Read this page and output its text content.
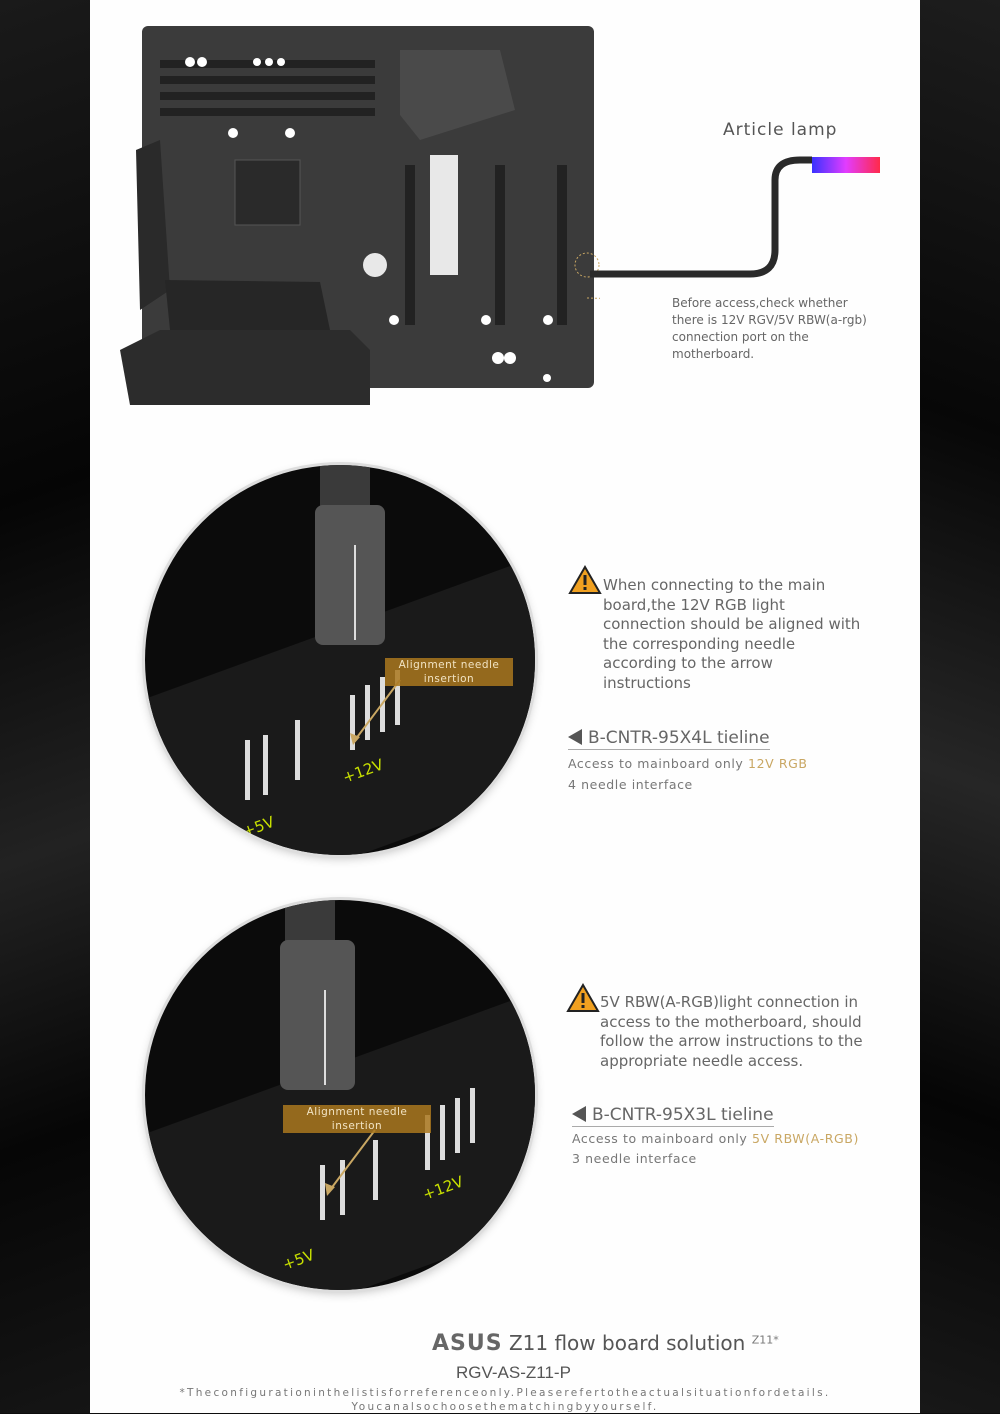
Article lamp
Before access,check whether there is 12V RGV/5V RBW(a-rgb) connection port on the motherboard.
+5V
+12V
Alignment needle insertion
When connecting to the main board,the 12V RGB light connection should be aligned with the corresponding needle according to the arrow instructions
B-CNTR-95X4L tieline
Access to mainboard only 12V RGB
4 needle interface
+5V
+12V
Alignment needle insertion
5V RBW(A-RGB)light connection in access to the motherboard, should follow the arrow instructions to the appropriate needle access.
B-CNTR-95X3L tieline
Access to mainboard only 5V RBW(A-RGB)
3 needle interface
ASUS Z11 flow board solution $^{Z11*}$
RGV-AS-Z11-P
*Theconfigurationinthelistisforreferenceonly.Pleaserefertotheactualsituationfordetails.
Youcanalsochoosethematchingbyyourself.
